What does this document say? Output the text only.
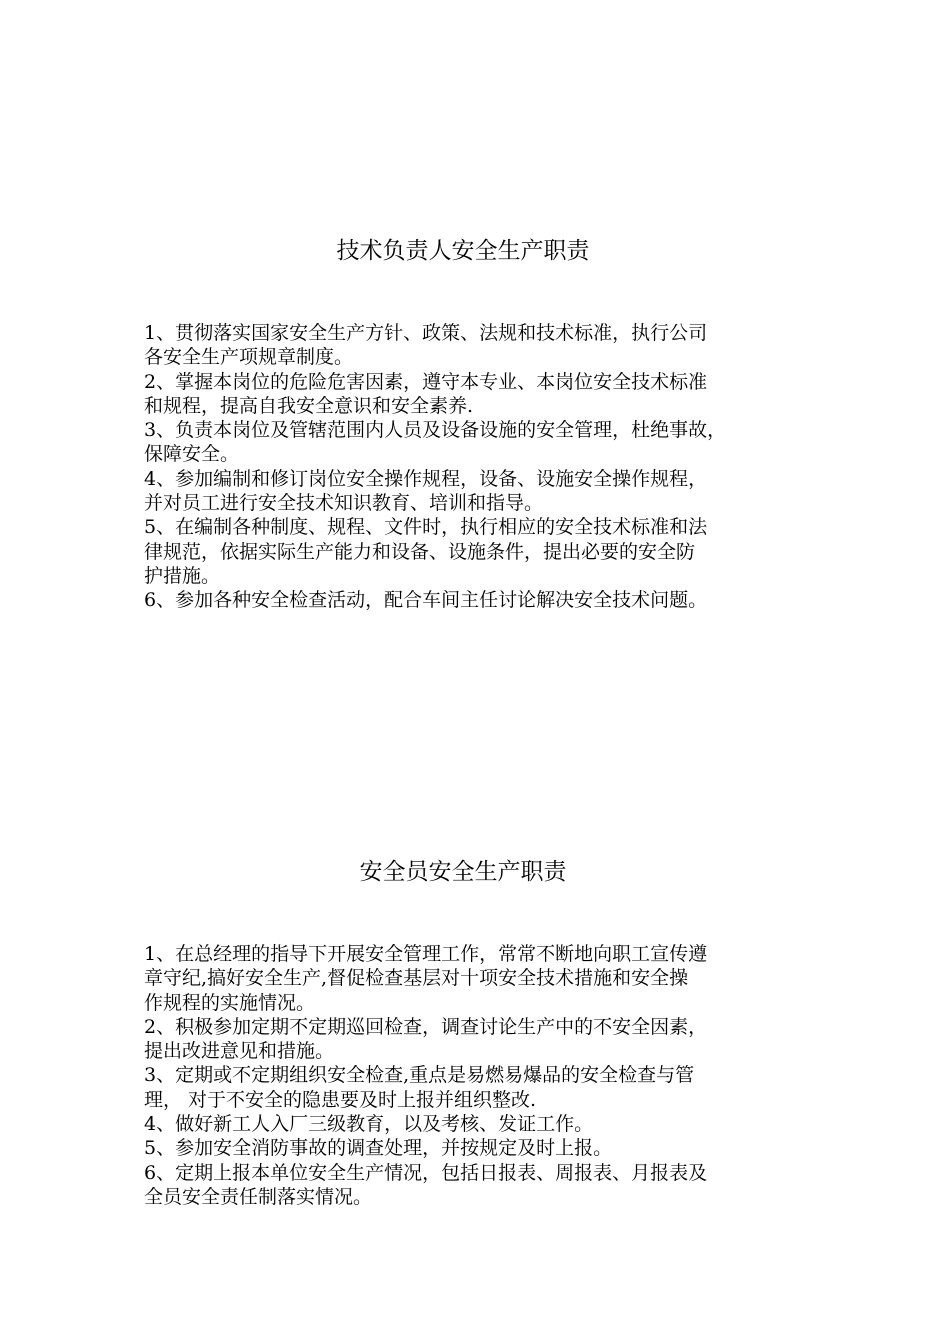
技术负责人安全生产职责
1、贯彻落实国家安全生产方针、政策、法规和技术标准，执行公司
各安全生产项规章制度。
2、掌握本岗位的危险危害因素，遵守本专业、本岗位安全技术标准
和规程，提高自我安全意识和安全素养.
3、负责本岗位及管辖范围内人员及设备设施的安全管理，杜绝事故，
保障安全。
4、参加编制和修订岗位安全操作规程，设备、设施安全操作规程，
并对员工进行安全技术知识教育、培训和指导。
5、在编制各种制度、规程、文件时，执行相应的安全技术标准和法
律规范，依据实际生产能力和设备、设施条件，提出必要的安全防
护措施。
6、参加各种安全检查活动，配合车间主任讨论解决安全技术问题。
安全员安全生产职责
1、在总经理的指导下开展安全管理工作，常常不断地向职工宣传遵
章守纪,搞好安全生产,督促检查基层对十项安全技术措施和安全操
作规程的实施情况。
2、积极参加定期不定期巡回检查，调查讨论生产中的不安全因素，
提出改进意见和措施。
3、定期或不定期组织安全检查,重点是易燃易爆品的安全检查与管
理， 对于不安全的隐患要及时上报并组织整改.
4、做好新工人入厂三级教育，以及考核、发证工作。
5、参加安全消防事故的调查处理，并按规定及时上报。
6、定期上报本单位安全生产情况，包括日报表、周报表、月报表及
全员安全责任制落实情况。
